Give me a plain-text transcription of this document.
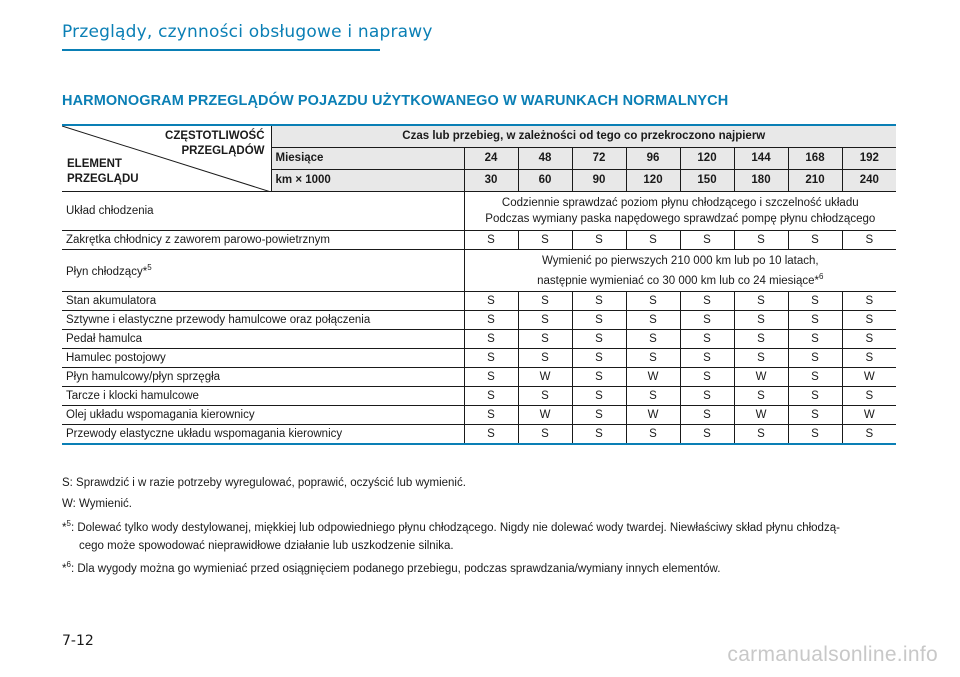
Przeglądy, czynności obsługowe i naprawy
HARMONOGRAM PRZEGLĄDÓW POJAZDU UŻYTKOWANEGO W WARUNKACH NORMALNYCH
CZĘSTOTLIWOŚĆ
PRZEGLĄDÓW
ELEMENT
PRZEGLĄDU	Czas lub przebieg, w zależności od tego co przekroczono najpierw								
	Miesiące	24	48	72	96	120	144	168	192
	km × 1000	30	60	90	120	150	180	210	240
Układ chłodzenia		Codziennie sprawdzać poziom płynu chłodzącego i szczelność układu
Podczas wymiany paska napędowego sprawdzać pompę płynu chłodzącego							

Zakrętka chłodnicy z zaworem parowo-powietrznym		S	S	S	S	S	S	S	S
Płyn chłodzący*$^5$		Wymienić po pierwszych 210 000 km lub po 10 latach,
następnie wymieniać co 30 000 km lub co 24 miesiące*$^6$

Stan akumulatora		S	S	S	S	S	S	S	S
Sztywne i elastyczne przewody hamulcowe oraz połączenia		S	S	S	S	S	S	S	S
Pedał hamulca		S	S	S	S	S	S	S	S
Hamulec postojowy		S	S	S	S	S	S	S	S
Płyn hamulcowy/płyn sprzęgła		S	W	S	W	S	W	S	W
Tarcze i klocki hamulcowe		S	S	S	S	S	S	S	S
Olej układu wspomagania kierownicy		S	W	S	W	S	W	S	W
Przewody elastyczne układu wspomagania kierownicy		S	S	S	S	S	S	S	S
S: Sprawdzić i w razie potrzeby wyregulować, poprawić, oczyścić lub wymienić.
W: Wymienić.
*$^5$: Dolewać tylko wody destylowanej, miękkiej lub odpowiedniego płynu chłodzącego. Nigdy nie dolewać wody twardej. Niewłaściwy skład płynu chłodzą-
cego może spowodować nieprawidłowe działanie lub uszkodzenie silnika.
*$^6$: Dla wygody można go wymieniać przed osiągnięciem podanego przebiegu, podczas sprawdzania/wymiany innych elementów.
7-12
carmanualsonline.info
